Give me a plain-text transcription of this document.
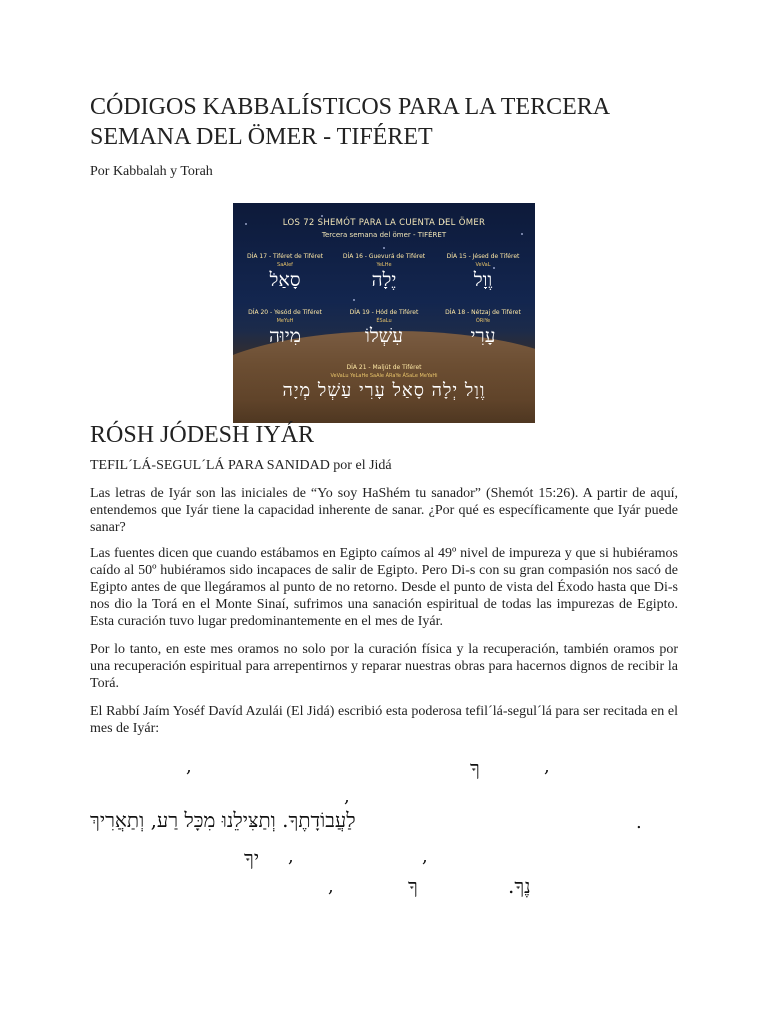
CÓDIGOS KABBALÍSTICOS PARA LA TERCERA SEMANA DEL ÖMER - TIFÉRET
Por Kabbalah y Torah
LOS 72 SHEMÓT PARA LA CUENTA DEL ÖMER
Tercera semana del ömer - TIFÉRET
DÍA 17 - Tiféret de Tiféret
SaAlef
סָאַל
DÍA 16 - Guevurá de Tiféret
YeLHe
יֶלָה
DÍA 15 - Jésed de Tiféret
VeVaL
וֶוָל
DÍA 20 - Yesód de Tiféret
MeYuH
מִיוּה
DÍA 19 - Hód de Tiféret
ÉSaLu
עִשְׁלוֹ
DÍA 18 - Nétzaj de Tiféret
ÓRiYe
עָרִי
DÍA 21 - Maljút de Tiféret
VeVaLu YeLaHe SaAle ÁRaYe ÁSaLe MeYaHi
וֶוָל יְלָה סָאַל עָרִי עַשְׁל מְיָה
RÓSH JÓDESH IYÁR
TEFIL´LÁ-SEGUL´LÁ PARA SANIDAD por el Jidá

Las letras de Iyár son las iniciales de “Yo soy HaShém tu sanador” (Shemót 15:26). A partir de aquí, entendemos que Iyár tiene la capacidad inherente de sanar. ¿Por qué es específicamente que Iyár puede sanar?

Las fuentes dicen que cuando estábamos en Egipto caímos al 49º nivel de impureza y que si hubiéramos caído al 50º hubiéramos sido incapaces de salir de Egipto. Pero Di-s con su gran compasión nos sacó de Egipto antes de que llegáramos al punto de no retorno. Desde el punto de vista del Éxodo hasta que Di-s nos dio la Torá en el Monte Sinaí, sufrimos una sanación espiritual de todas las impurezas de Egipto. Esta curación tuvo lugar predominantemente en el mes de Iyár.

Por lo tanto, en este mes oramos no solo por la curación física y la recuperación, también oramos por una recuperación espiritual para arrepentirnos y reparar nuestras obras para hacernos dignos de recibir la Torá.

El Rabbí Jaím Yoséf Davíd Azulái (El Jidá) escribió esta poderosa tefil´lá-segul´lá para ser recitada en el mes de Iyár:

,	ךָ	,
,
לַעֲבוֹדָתֶךָ. וְתַצִּילֵנוּ מִכָּל רַע, וְתַאֲרִיךְ	.
יךָ ,	,
,	ךָ	נֶךָ.
